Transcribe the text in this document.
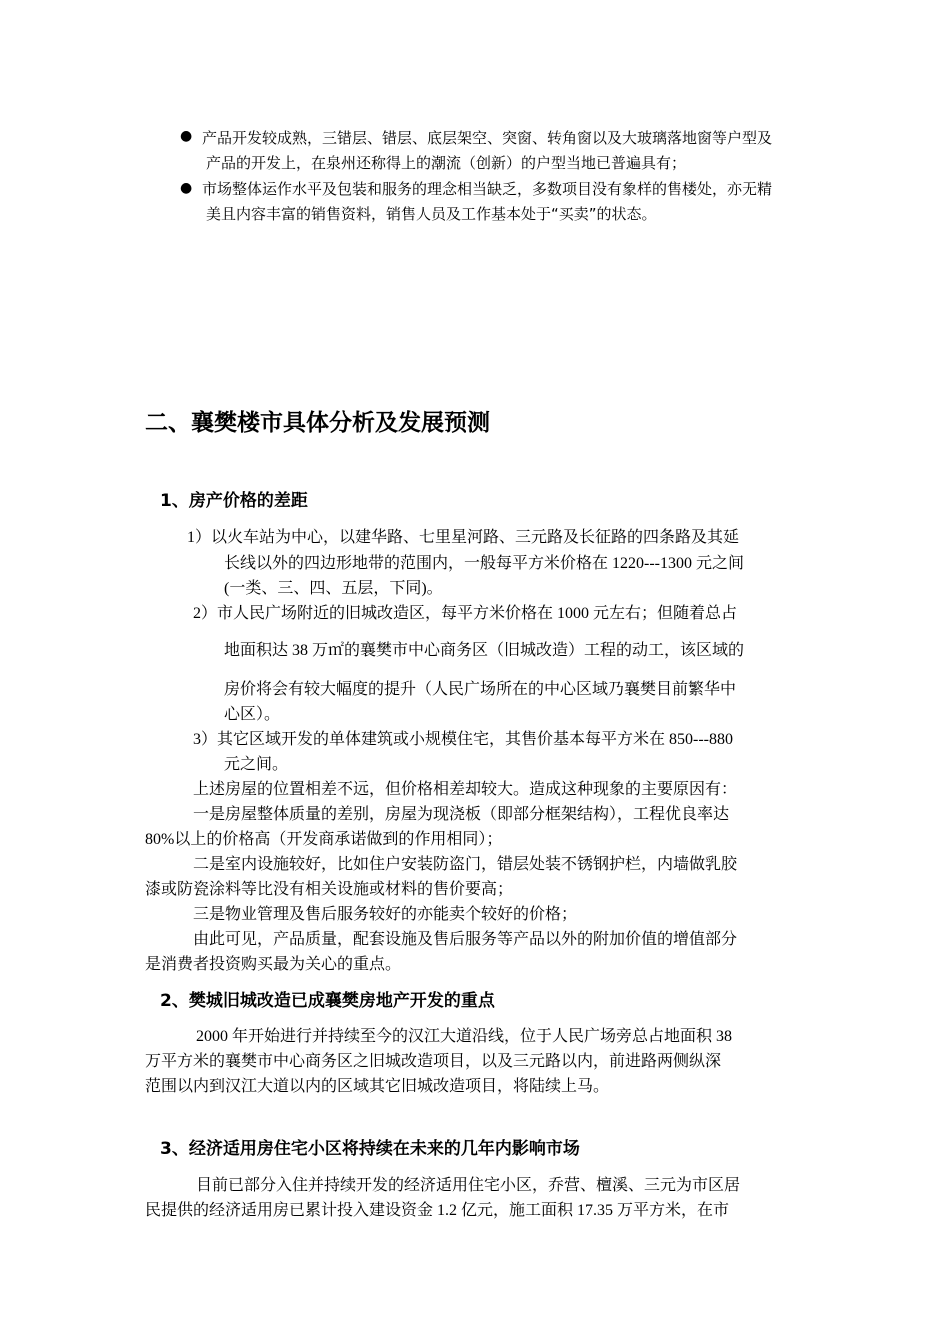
● 产品开发较成熟，三错层、错层、底层架空、突窗、转角窗以及大玻璃落地窗等户型及
产品的开发上，在泉州还称得上的潮流（创新）的户型当地已普遍具有；
● 市场整体运作水平及包装和服务的理念相当缺乏，多数项目没有象样的售楼处，亦无精
美且内容丰富的销售资料，销售人员及工作基本处于“买卖”的状态。
二、襄樊楼市具体分析及发展预测
1、房产价格的差距
1）以火车站为中心，以建华路、七里星河路、三元路及长征路的四条路及其延
长线以外的四边形地带的范围内，一般每平方米价格在 1220---1300 元之间
(一类、三、四、五层，下同)。
2）市人民广场附近的旧城改造区，每平方米价格在 1000 元左右；但随着总占
地面积达 38 万㎡的襄樊市中心商务区（旧城改造）工程的动工，该区域的
房价将会有较大幅度的提升（人民广场所在的中心区域乃襄樊目前繁华中
心区）。
3）其它区域开发的单体建筑或小规模住宅，其售价基本每平方米在 850---880
元之间。
上述房屋的位置相差不远，但价格相差却较大。造成这种现象的主要原因有：
一是房屋整体质量的差别，房屋为现浇板（即部分框架结构），工程优良率达
80%以上的价格高（开发商承诺做到的作用相同）；
二是室内设施较好，比如住户安装防盗门，错层处装不锈钢护栏，内墙做乳胶
漆或防瓷涂料等比没有相关设施或材料的售价要高；
三是物业管理及售后服务较好的亦能卖个较好的价格；
由此可见，产品质量，配套设施及售后服务等产品以外的附加价值的增值部分
是消费者投资购买最为关心的重点。
2、樊城旧城改造已成襄樊房地产开发的重点
2000 年开始进行并持续至今的汉江大道沿线，位于人民广场旁总占地面积 38
万平方米的襄樊市中心商务区之旧城改造项目，以及三元路以内，前进路两侧纵深
范围以内到汉江大道以内的区域其它旧城改造项目，将陆续上马。
3、经济适用房住宅小区将持续在未来的几年内影响市场
目前已部分入住并持续开发的经济适用住宅小区，乔营、檀溪、三元为市区居
民提供的经济适用房已累计投入建设资金 1.2 亿元，施工面积 17.35 万平方米，在市
